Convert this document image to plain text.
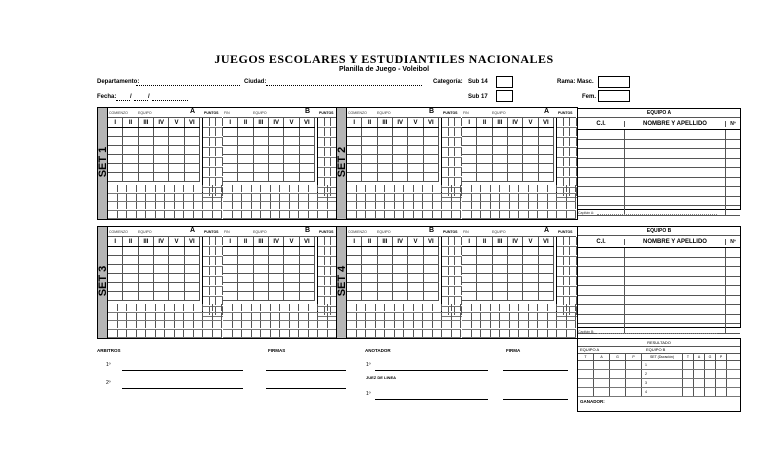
JUEGOS ESCOLARES Y ESTUDIANTILES NACIONALES
Planilla de Juego - Voleibol
Departamento:	Ciudad:	Categoría: Sub 14	Rama: Masc.
Fecha: /	/	Sub 17	Fem.
SET 1
COMIENZO	EQUIPO	A	PUNTOS
I	II	III	IV	V	VI
FIN	EQUIPO	B	PUNTOS
I	II	III	IV	V	VI
SET 2
COMIENZO	EQUIPO	B	PUNTOS
I	II	III	IV	V	VI
FIN	EQUIPO	A	PUNTOS
I	II	III	IV	V	VI
SET 3
COMIENZO	EQUIPO	A	PUNTOS
I	II	III	IV	V	VI
FIN	EQUIPO	B	PUNTOS
I	II	III	IV	V	VI
SET 4
COMIENZO	EQUIPO	B	PUNTOS
I	II	III	IV	V	VI
FIN	EQUIPO	A	PUNTOS
I	II	III	IV	V	VI
EQUIPO A
C.I.	NOMBRE Y APELLIDO	Nº
Capitán A:
EQUIPO B
C.I.	NOMBRE Y APELLIDO	Nº
Capitán B:
ARBITROS	FIRMAS	ANOTADOR	FIRMA
1º	1º
JUEZ DE LINEA
2º
1º
RESULTADO
EQUIPO A	EQUIPO B
T	A	G	P	SET (Duración)	T	A	G	P
1
2
3
4
GANADOR:
